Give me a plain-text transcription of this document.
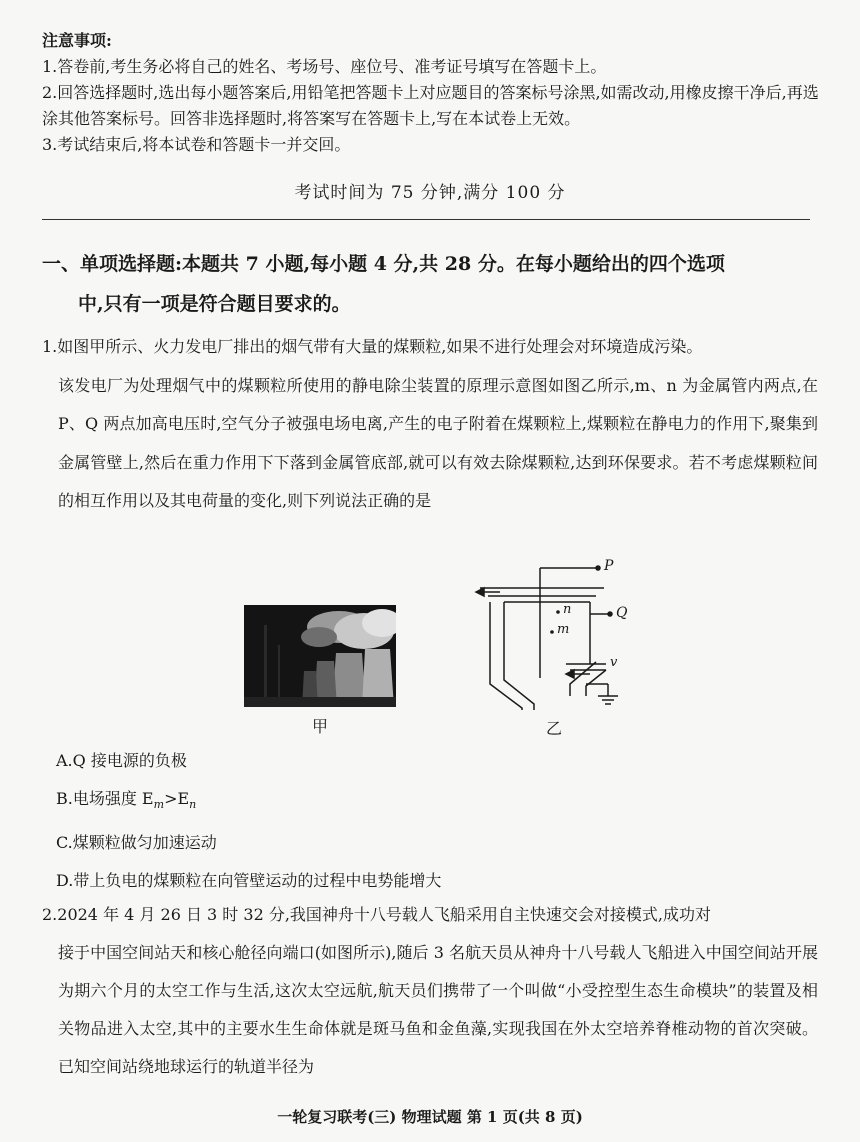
注意事项:

1.答卷前,考生务必将自己的姓名、考场号、座位号、准考证号填写在答题卡上。

2.回答选择题时,选出每小题答案后,用铅笔把答题卡上对应题目的答案标号涂黑,如需改动,用橡皮擦干净后,再选涂其他答案标号。回答非选择题时,将答案写在答题卡上,写在本试卷上无效。

3.考试结束后,将本试卷和答题卡一并交回。

考试时间为 75 分钟,满分 100 分
一、单项选择题:本题共 7 小题,每小题 4 分,共 28 分。在每小题给出的四个选项
中,只有一项是符合题目要求的。

1.如图甲所示、火力发电厂排出的烟气带有大量的煤颗粒,如果不进行处理会对环境造成污染。
该发电厂为处理烟气中的煤颗粒所使用的静电除尘装置的原理示意图如图乙所示,m、n 为金属管内两点,在 P、Q 两点加高电压时,空气分子被强电场电离,产生的电子附着在煤颗粒上,煤颗粒在静电力的作用下,聚集到金属管壁上,然后在重力作用下下落到金属管底部,就可以有效去除煤颗粒,达到环保要求。若不考虑煤颗粒间的相互作用以及其电荷量的变化,则下列说法正确的是

甲
P
Q
n
m
v
乙
A.Q 接电源的负极
B.电场强度 $E_m>E_n$
C.煤颗粒做匀加速运动
D.带上负电的煤颗粒在向管壁运动的过程中电势能增大
2.2024 年 4 月 26 日 3 时 32 分,我国神舟十八号载人飞船采用自主快速交会对接模式,成功对
接于中国空间站天和核心舱径向端口(如图所示),随后 3 名航天员从神舟十八号载人飞船进入中国空间站开展为期六个月的太空工作与生活,这次太空远航,航天员们携带了一个叫做“小受控型生态生命模块”的装置及相关物品进入太空,其中的主要水生生命体就是斑马鱼和金鱼藻,实现我国在外太空培养脊椎动物的首次突破。已知空间站绕地球运行的轨道半径为
一轮复习联考(三) 物理试题 第 1 页(共 8 页)
